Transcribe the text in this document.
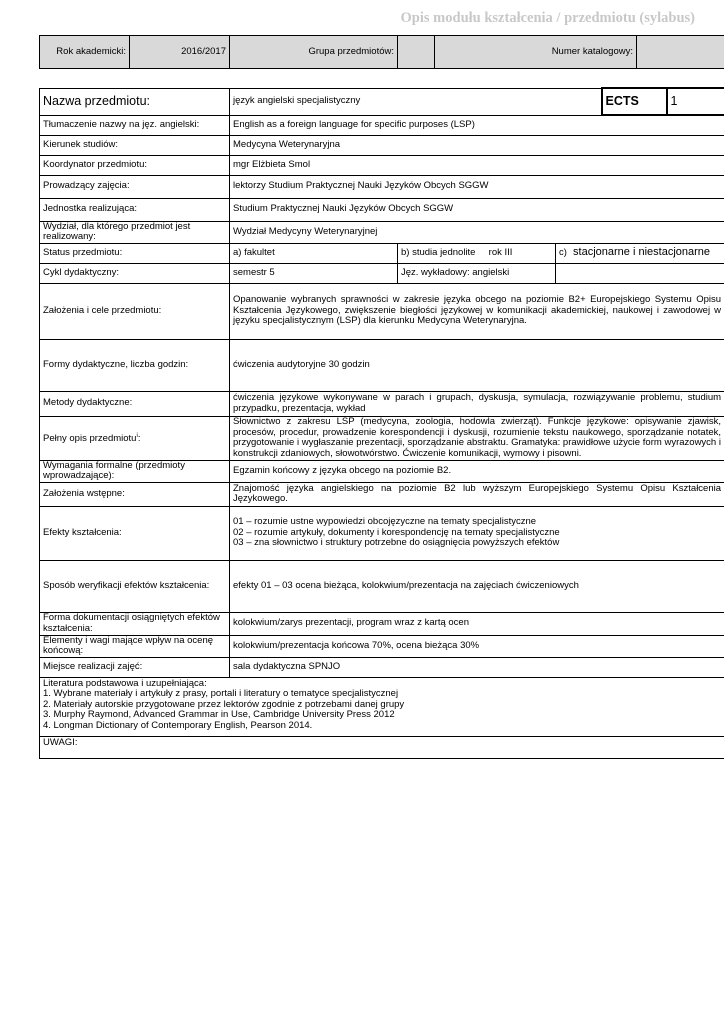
Opis modułu kształcenia / przedmiotu (sylabus)
Rok akademicki:	2016/2017	Grupa przedmiotów:		Numer katalogowy:	
Nazwa przedmiotu:	język angielski specjalistyczny			ECTS	1
Tłumaczenie nazwy na jęz. angielski:	English as a foreign language for specific purposes (LSP)				
Kierunek studiów:	Medycyna Weterynaryjna				
Koordynator przedmiotu:	mgr Elżbieta Smol				
Prowadzący zajęcia:	lektorzy Studium Praktycznej Nauki Języków Obcych SGGW				
Jednostka realizująca:	Studium Praktycznej Nauki Języków Obcych SGGW				
Wydział, dla którego przedmiot jest realizowany:	Wydział Medycyny Weterynaryjnej				
Status przedmiotu:	a) fakultet	b) studia jednolite     rok III	c) stacjonarne i niestacjonarne		
Cykl dydaktyczny:	semestr 5	Jęz. wykładowy: angielski			
Założenia i cele przedmiotu:	Opanowanie wybranych sprawności w zakresie języka obcego na poziomie B2+ Europejskiego Systemu Opisu Kształcenia Językowego, zwiększenie biegłości językowej w komunikacji akademickiej, naukowej i zawodowej w języku specjalistycznym (LSP) dla kierunku Medycyna Weterynaryjna.				
Formy dydaktyczne, liczba godzin:	ćwiczenia audytoryjne 30 godzin				
Metody dydaktyczne:	ćwiczenia językowe wykonywane w parach i grupach, dyskusja, symulacja, rozwiązywanie problemu, studium przypadku, prezentacja, wykład				
Pełny opis przedmiotu$^i$:	Słownictwo z zakresu LSP (medycyna, zoologia, hodowla zwierząt). Funkcje językowe: opisywanie zjawisk, procesów, procedur, prowadzenie korespondencji i dyskusji, rozumienie tekstu naukowego, sporządzanie notatek, przygotowanie i wygłaszanie prezentacji, sporządzanie abstraktu. Gramatyka: prawidłowe użycie form wyrazowych i konstrukcji zdaniowych, słowotwórstwo. Ćwiczenie komunikacji, wymowy i pisowni.				
Wymagania formalne (przedmioty wprowadzające):	Egzamin końcowy z języka obcego na poziomie B2.				
Założenia wstępne:	Znajomość języka angielskiego na poziomie B2 lub wyższym Europejskiego Systemu Opisu Kształcenia Językowego.				
Efekty kształcenia:	01 – rozumie ustne wypowiedzi obcojęzyczne na tematy specjalistyczne
02 – rozumie artykuły, dokumenty i korespondencję na tematy specjalistyczne
03 – zna słownictwo i struktury potrzebne do osiągnięcia powyższych efektów				

Sposób weryfikacji efektów kształcenia:	efekty 01 – 03 ocena bieżąca, kolokwium/prezentacja na zajęciach ćwiczeniowych				
Forma dokumentacji osiągniętych efektów kształcenia:	kolokwium/zarys prezentacji, program wraz z kartą ocen				
Elementy i wagi mające wpływ na ocenę końcową:	kolokwium/prezentacja końcowa 70%, ocena bieżąca 30%				
Miejsce realizacji zajęć:	sala dydaktyczna SPNJO				

Literatura podstawowa i uzupełniająca:
1. Wybrane materiały i artykuły z prasy, portali i literatury o tematyce specjalistycznej
2. Materiały autorskie przygotowane przez lektorów zgodnie z potrzebami danej grupy
3. Murphy Raymond, Advanced Grammar in Use, Cambridge University Press 2012
4. Longman Dictionary of Contemporary English, Pearson 2014.					

UWAGI:					
